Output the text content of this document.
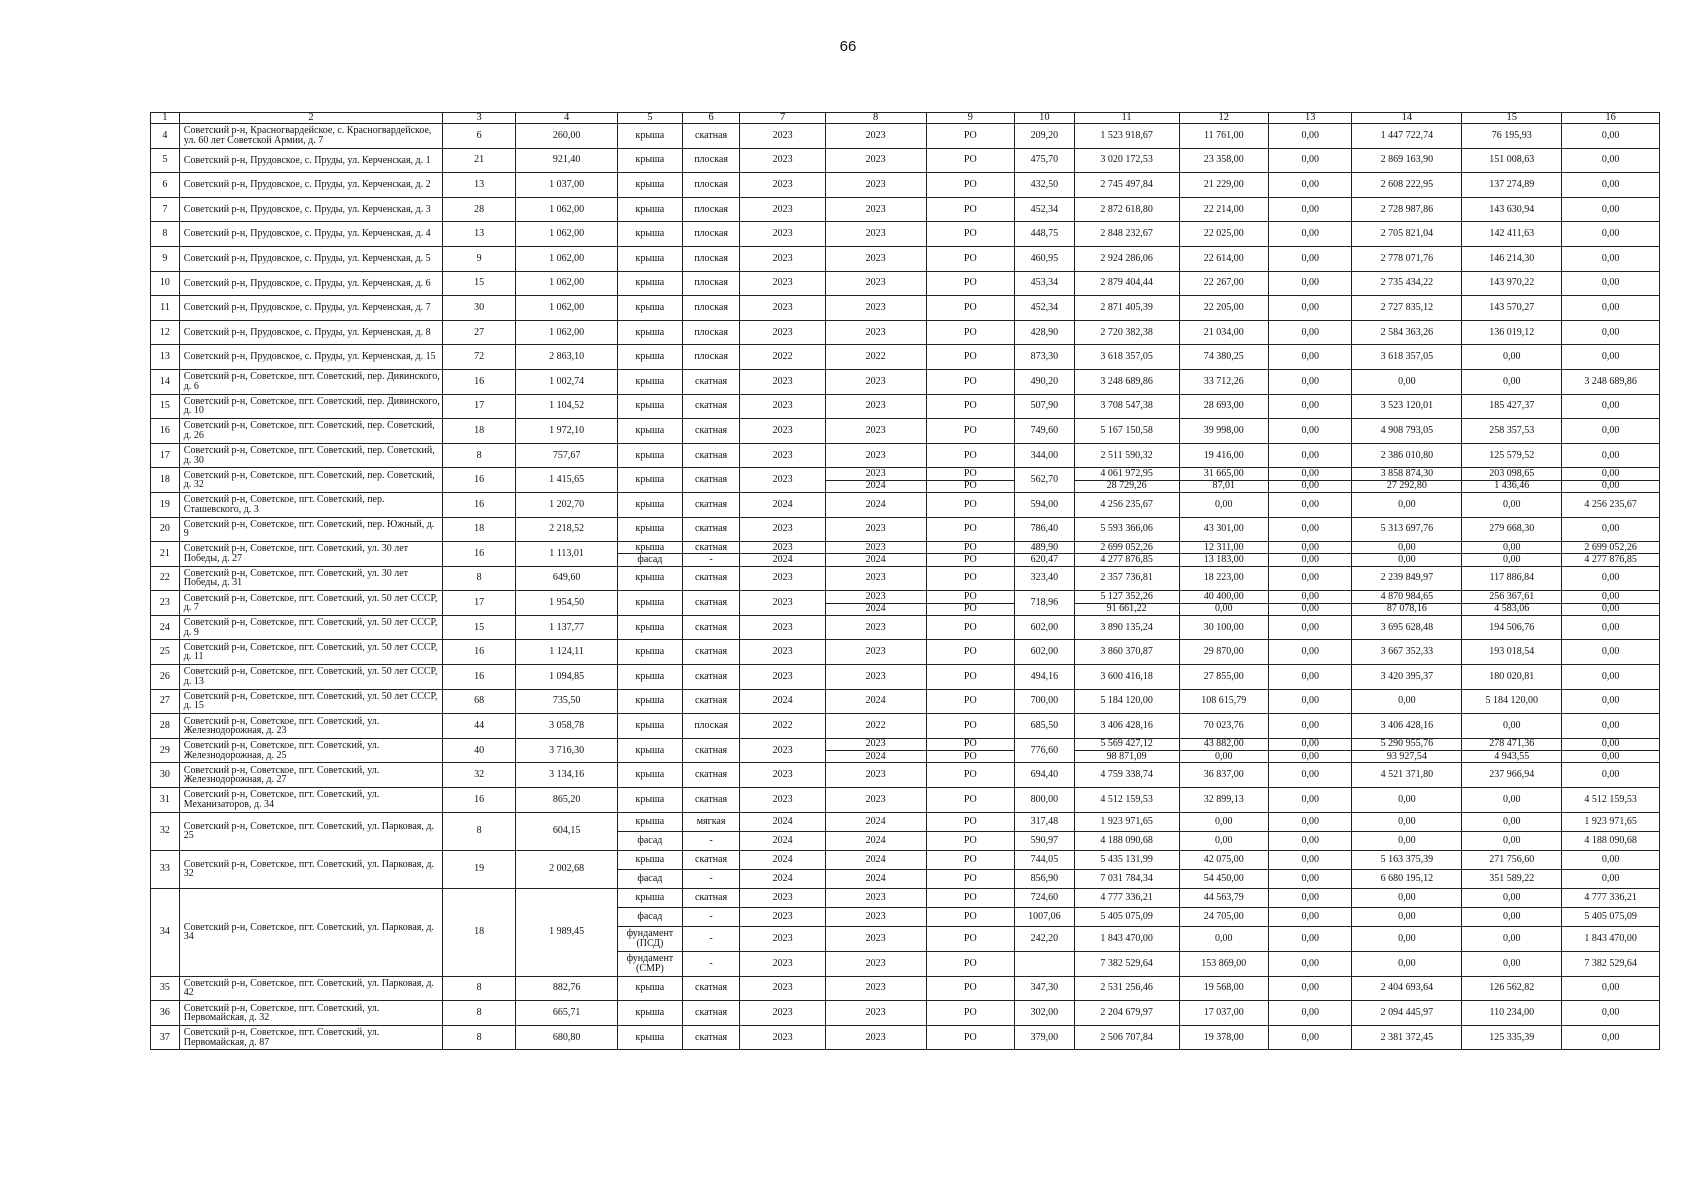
66
1	2	3	4	5	6	7	8	9	10	11	12	13	14	15	16
4	Советский р-н, Красногвардейское, с. Красногвардейское, ул. 60 лет Советской Армии, д. 7	6	260,00	крыша	скатная	2023	2023	РО	209,20	1 523 918,67	11 761,00	0,00	1 447 722,74	76 195,93	0,00
5	Советский р-н, Прудовское, с. Пруды, ул. Керченская, д. 1	21	921,40	крыша	плоская	2023	2023	РО	475,70	3 020 172,53	23 358,00	0,00	2 869 163,90	151 008,63	0,00
6	Советский р-н, Прудовское, с. Пруды, ул. Керченская, д. 2	13	1 037,00	крыша	плоская	2023	2023	РО	432,50	2 745 497,84	21 229,00	0,00	2 608 222,95	137 274,89	0,00
7	Советский р-н, Прудовское, с. Пруды, ул. Керченская, д. 3	28	1 062,00	крыша	плоская	2023	2023	РО	452,34	2 872 618,80	22 214,00	0,00	2 728 987,86	143 630,94	0,00
8	Советский р-н, Прудовское, с. Пруды, ул. Керченская, д. 4	13	1 062,00	крыша	плоская	2023	2023	РО	448,75	2 848 232,67	22 025,00	0,00	2 705 821,04	142 411,63	0,00
9	Советский р-н, Прудовское, с. Пруды, ул. Керченская, д. 5	9	1 062,00	крыша	плоская	2023	2023	РО	460,95	2 924 286,06	22 614,00	0,00	2 778 071,76	146 214,30	0,00
10	Советский р-н, Прудовское, с. Пруды, ул. Керченская, д. 6	15	1 062,00	крыша	плоская	2023	2023	РО	453,34	2 879 404,44	22 267,00	0,00	2 735 434,22	143 970,22	0,00
11	Советский р-н, Прудовское, с. Пруды, ул. Керченская, д. 7	30	1 062,00	крыша	плоская	2023	2023	РО	452,34	2 871 405,39	22 205,00	0,00	2 727 835,12	143 570,27	0,00
12	Советский р-н, Прудовское, с. Пруды, ул. Керченская, д. 8	27	1 062,00	крыша	плоская	2023	2023	РО	428,90	2 720 382,38	21 034,00	0,00	2 584 363,26	136 019,12	0,00
13	Советский р-н, Прудовское, с. Пруды, ул. Керченская, д. 15	72	2 863,10	крыша	плоская	2022	2022	РО	873,30	3 618 357,05	74 380,25	0,00	3 618 357,05	0,00	0,00
14	Советский р-н, Советское, пгт. Советский, пер. Дивинского, д. 6	16	1 002,74	крыша	скатная	2023	2023	РО	490,20	3 248 689,86	33 712,26	0,00	0,00	0,00	3 248 689,86
15	Советский р-н, Советское, пгт. Советский, пер. Дивинского, д. 10	17	1 104,52	крыша	скатная	2023	2023	РО	507,90	3 708 547,38	28 693,00	0,00	3 523 120,01	185 427,37	0,00
16	Советский р-н, Советское, пгт. Советский, пер. Советский, д. 26	18	1 972,10	крыша	скатная	2023	2023	РО	749,60	5 167 150,58	39 998,00	0,00	4 908 793,05	258 357,53	0,00
17	Советский р-н, Советское, пгт. Советский, пер. Советский, д. 30	8	757,67	крыша	скатная	2023	2023	РО	344,00	2 511 590,32	19 416,00	0,00	2 386 010,80	125 579,52	0,00
18	Советский р-н, Советское, пгт. Советский, пер. Советский, д. 32	16	1 415,65	крыша	скатная	2023	2023	РО	562,70	4 061 972,95	31 665,00	0,00	3 858 874,30	203 098,65	0,00
							2024	РО		28 729,26	87,01	0,00	27 292,80	1 436,46	0,00
19	Советский р-н, Советское, пгт. Советский, пер. Сташевского, д. 3	16	1 202,70	крыша	скатная	2024	2024	РО	594,00	4 256 235,67	0,00	0,00	0,00	0,00	4 256 235,67
20	Советский р-н, Советское, пгт. Советский, пер. Южный, д. 9	18	2 218,52	крыша	скатная	2023	2023	РО	786,40	5 593 366,06	43 301,00	0,00	5 313 697,76	279 668,30	0,00
21	Советский р-н, Советское, пгт. Советский, ул. 30 лет Победы, д. 27	16	1 113,01	крыша	скатная	2023	2023	РО	489,90	2 699 052,26	12 311,00	0,00	0,00	0,00	2 699 052,26
				фасад	-	2024	2024	РО	620,47	4 277 876,85	13 183,00	0,00	0,00	0,00	4 277 876,85
22	Советский р-н, Советское, пгт. Советский, ул. 30 лет Победы, д. 31	8	649,60	крыша	скатная	2023	2023	РО	323,40	2 357 736,81	18 223,00	0,00	2 239 849,97	117 886,84	0,00
23	Советский р-н, Советское, пгт. Советский, ул. 50 лет СССР, д. 7	17	1 954,50	крыша	скатная	2023	2023	РО	718,96	5 127 352,26	40 400,00	0,00	4 870 984,65	256 367,61	0,00
							2024	РО		91 661,22	0,00	0,00	87 078,16	4 583,06	0,00
24	Советский р-н, Советское, пгт. Советский, ул. 50 лет СССР, д. 9	15	1 137,77	крыша	скатная	2023	2023	РО	602,00	3 890 135,24	30 100,00	0,00	3 695 628,48	194 506,76	0,00
25	Советский р-н, Советское, пгт. Советский, ул. 50 лет СССР, д. 11	16	1 124,11	крыша	скатная	2023	2023	РО	602,00	3 860 370,87	29 870,00	0,00	3 667 352,33	193 018,54	0,00
26	Советский р-н, Советское, пгт. Советский, ул. 50 лет СССР, д. 13	16	1 094,85	крыша	скатная	2023	2023	РО	494,16	3 600 416,18	27 855,00	0,00	3 420 395,37	180 020,81	0,00
27	Советский р-н, Советское, пгт. Советский, ул. 50 лет СССР, д. 15	68	735,50	крыша	скатная	2024	2024	РО	700,00	5 184 120,00	108 615,79	0,00	0,00	5 184 120,00	0,00
28	Советский р-н, Советское, пгт. Советский, ул. Железнодорожная, д. 23	44	3 058,78	крыша	плоская	2022	2022	РО	685,50	3 406 428,16	70 023,76	0,00	3 406 428,16	0,00	0,00
29	Советский р-н, Советское, пгт. Советский, ул. Железнодорожная, д. 25	40	3 716,30	крыша	скатная	2023	2023	РО	776,60	5 569 427,12	43 882,00	0,00	5 290 955,76	278 471,36	0,00
							2024	РО		98 871,09	0,00	0,00	93 927,54	4 943,55	0,00
30	Советский р-н, Советское, пгт. Советский, ул. Железнодорожная, д. 27	32	3 134,16	крыша	скатная	2023	2023	РО	694,40	4 759 338,74	36 837,00	0,00	4 521 371,80	237 966,94	0,00
31	Советский р-н, Советское, пгт. Советский, ул. Механизаторов, д. 34	16	865,20	крыша	скатная	2023	2023	РО	800,00	4 512 159,53	32 899,13	0,00	0,00	0,00	4 512 159,53
32	Советский р-н, Советское, пгт. Советский, ул. Парковая, д. 25	8	604,15	крыша	мягкая	2024	2024	РО	317,48	1 923 971,65	0,00	0,00	0,00	0,00	1 923 971,65
				фасад	-	2024	2024	РО	590,97	4 188 090,68	0,00	0,00	0,00	0,00	4 188 090,68
33	Советский р-н, Советское, пгт. Советский, ул. Парковая, д. 32	19	2 002,68	крыша	скатная	2024	2024	РО	744,05	5 435 131,99	42 075,00	0,00	5 163 375,39	271 756,60	0,00
				фасад	-	2024	2024	РО	856,90	7 031 784,34	54 450,00	0,00	6 680 195,12	351 589,22	0,00
34	Советский р-н, Советское, пгт. Советский, ул. Парковая, д. 34	18	1 989,45	крыша	скатная	2023	2023	РО	724,60	4 777 336,21	44 563,79	0,00	0,00	0,00	4 777 336,21
				фасад	-	2023	2023	РО	1007,06	5 405 075,09	24 705,00	0,00	0,00	0,00	5 405 075,09
				фундамент (ПСД)	-	2023	2023	РО	242,20	1 843 470,00	0,00	0,00	0,00	0,00	1 843 470,00
				фундамент (СМР)	-	2023	2023	РО		7 382 529,64	153 869,00	0,00	0,00	0,00	7 382 529,64
35	Советский р-н, Советское, пгт. Советский, ул. Парковая, д. 42	8	882,76	крыша	скатная	2023	2023	РО	347,30	2 531 256,46	19 568,00	0,00	2 404 693,64	126 562,82	0,00
36	Советский р-н, Советское, пгт. Советский, ул. Первомайская, д. 32	8	665,71	крыша	скатная	2023	2023	РО	302,00	2 204 679,97	17 037,00	0,00	2 094 445,97	110 234,00	0,00
37	Советский р-н, Советское, пгт. Советский, ул. Первомайская, д. 87	8	680,80	крыша	скатная	2023	2023	РО	379,00	2 506 707,84	19 378,00	0,00	2 381 372,45	125 335,39	0,00
